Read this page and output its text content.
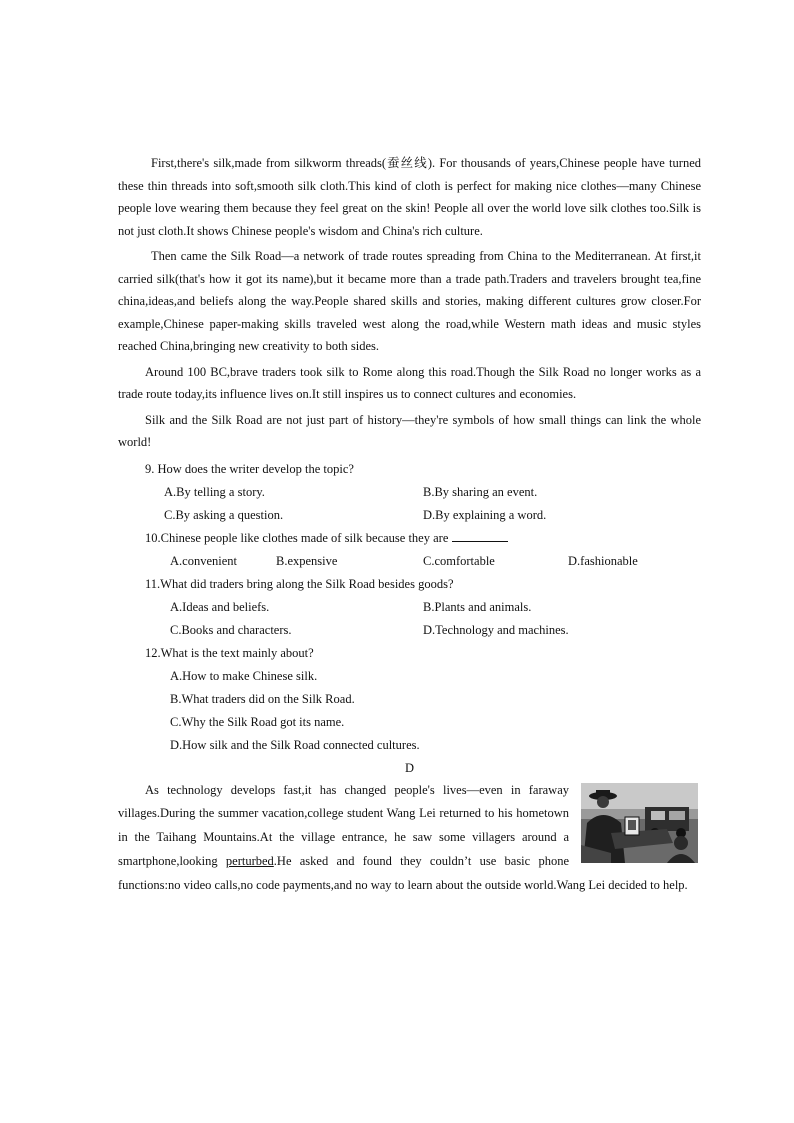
First,there's silk,made from silkworm threads(蚕丝线). For thousands of years,Chinese people have turned these thin threads into soft,smooth silk cloth.This kind of cloth is perfect for making nice clothes—many Chinese people love wearing them because they feel great on the skin! People all over the world love silk clothes too.Silk is not just cloth.It shows Chinese people's wisdom and China's rich culture.

Then came the Silk Road—a network of trade routes spreading from China to the Mediterranean. At first,it carried silk(that's how it got its name),but it became more than a trade path.Traders and travelers brought tea,fine china,ideas,and beliefs along the way.People shared skills and stories, making different cultures grow closer.For example,Chinese paper-making skills traveled west along the road,while Western math ideas and music styles reached China,bringing new creativity to both sides.

Around 100 BC,brave traders took silk to Rome along this road.Though the Silk Road no longer works as a trade route today,its influence lives on.It still inspires us to connect cultures and economies.

Silk and the Silk Road are not just part of history—they're symbols of how small things can link the whole world!

9. How does the writer develop the topic?
A.By telling a story.	B.By sharing an event.
C.By asking a question.	D.By explaining a word.
10.Chinese people like clothes made of silk because they are
A.convenient	B.expensive	C.comfortable	D.fashionable
11.What did traders bring along the Silk Road besides goods?
A.Ideas and beliefs.	B.Plants and animals.
C.Books and characters.	D.Technology and machines.
12.What is the text mainly about?
A.How to make Chinese silk.
B.What traders did on the Silk Road.
C.Why the Silk Road got its name.
D.How silk and the Silk Road connected cultures.
D

As technology develops fast,it has changed people's lives—even in faraway villages.During the summer vacation,college student Wang Lei returned to his hometown in the Taihang Mountains.At the village entrance, he saw some villagers around a smartphone,looking perturbed.He asked and found they couldn’t use basic phone functions:no video calls,no code payments,and no way to learn about the outside world.Wang Lei decided to help.
